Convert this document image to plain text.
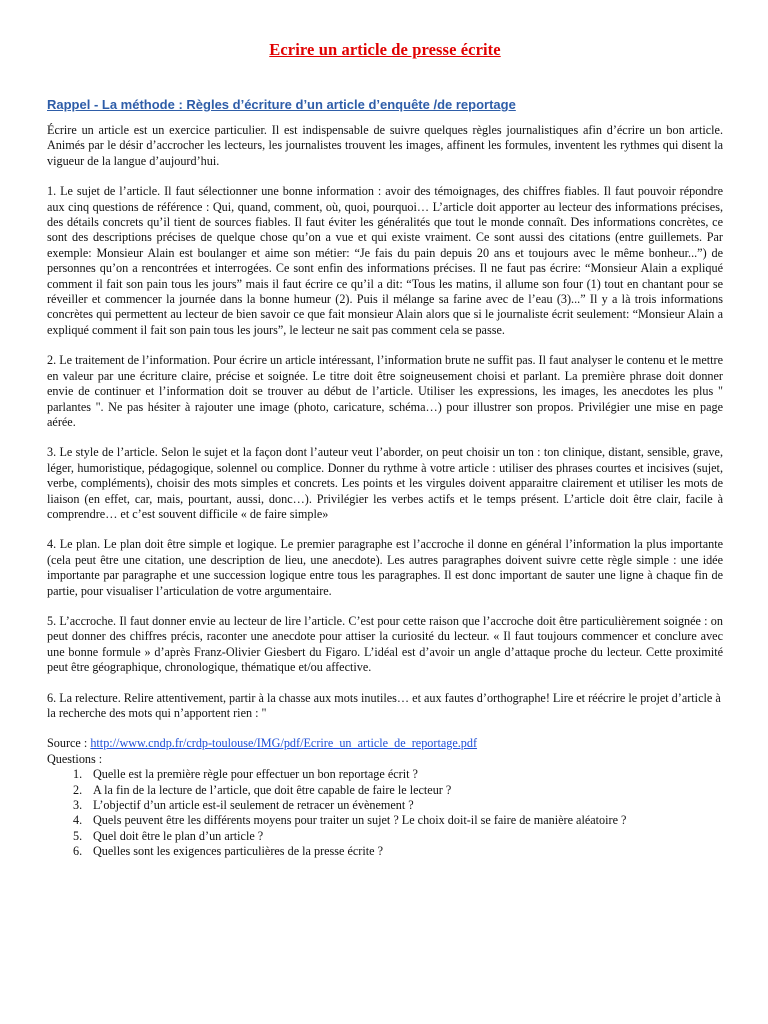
Ecrire un article de presse écrite
Rappel - La méthode : Règles d’écriture d’un article d’enquête /de reportage

Écrire un article est un exercice particulier. Il est indispensable de suivre quelques règles journalistiques afin d’écrire un bon article. Animés par le désir d’accrocher les lecteurs, les journalistes trouvent les images, affinent les formules, inventent les rythmes qui disent la vigueur de la langue d’aujourd’hui.

1. Le sujet de l’article. Il faut sélectionner une bonne information : avoir des témoignages, des chiffres fiables. Il faut pouvoir répondre aux cinq questions de référence : Qui, quand, comment, où, quoi, pourquoi… L’article doit apporter au lecteur des informations précises, des détails concrets qu’il tient de sources fiables. Il faut éviter les généralités que tout le monde connaît. Des informations concrètes, ce sont des descriptions précises de quelque chose qu’on a vue et qui existe vraiment. Ce sont aussi des citations (entre guillemets. Par exemple: Monsieur Alain est boulanger et aime son métier: “Je fais du pain depuis 20 ans et toujours avec le même bonheur...”) de personnes qu’on a rencontrées et interrogées. Ce sont enfin des informations précises. Il ne faut pas écrire: “Monsieur Alain a expliqué comment il fait son pain tous les jours” mais il faut écrire ce qu’il a dit: “Tous les matins, il allume son four (1) tout en chantant pour se réveiller et commencer la journée dans la bonne humeur (2). Puis il mélange sa farine avec de l’eau (3)...” Il y a là trois informations concrètes qui permettent au lecteur de bien savoir ce que fait monsieur Alain alors que si le journaliste écrit seulement: “Monsieur Alain a expliqué comment il fait son pain tous les jours”, le lecteur ne sait pas comment cela se passe.

2. Le traitement de l’information. Pour écrire un article intéressant, l’information brute ne suffit pas. Il faut analyser le contenu et le mettre en valeur par une écriture claire, précise et soignée. Le titre doit être soigneusement choisi et parlant. La première phrase doit donner envie de continuer et l’information doit se trouver au début de l’article. Utiliser les expressions, les images, les anecdotes les plus " parlantes ". Ne pas hésiter à rajouter une image (photo, caricature, schéma…) pour illustrer son propos. Privilégier une mise en page aérée.

3. Le style de l’article. Selon le sujet et la façon dont l’auteur veut l’aborder, on peut choisir un ton : ton clinique, distant, sensible, grave, léger, humoristique, pédagogique, solennel ou complice. Donner du rythme à votre article : utiliser des phrases courtes et incisives (sujet, verbe, compléments), choisir des mots simples et concrets. Les points et les virgules doivent apparaitre clairement et utiliser les mots de liaison (en effet, car, mais, pourtant, aussi, donc…). Privilégier les verbes actifs et le temps présent. L’article doit être clair, facile à comprendre… et c’est souvent difficile « de faire simple»

4. Le plan. Le plan doit être simple et logique. Le premier paragraphe est l’accroche il donne en général l’information la plus importante (cela peut être une citation, une description de lieu, une anecdote). Les autres paragraphes doivent suivre cette règle simple : une idée importante par paragraphe et une succession logique entre tous les paragraphes. Il est donc important de sauter une ligne à chaque fin de partie, pour visualiser l’articulation de votre argumentaire.

5. L’accroche. Il faut donner envie au lecteur de lire l’article. C’est pour cette raison que l’accroche doit être particulièrement soignée : on peut donner des chiffres précis, raconter une anecdote pour attiser la curiosité du lecteur. « Il faut toujours commencer et conclure avec une bonne formule » d’après Franz-Olivier Giesbert du Figaro. L’idéal est d’avoir un angle d’attaque proche du lecteur. Cette proximité peut être géographique, chronologique, thématique et/ou affective.

6. La relecture. Relire attentivement, partir à la chasse aux mots inutiles… et aux fautes d’orthographe! Lire et réécrire le projet d’article à la recherche des mots qui n’apportent rien : "

Source : http://www.cndp.fr/crdp-toulouse/IMG/pdf/Ecrire_un_article_de_reportage.pdf

Questions :

1. Quelle est la première règle pour effectuer un bon reportage écrit ?
2. A la fin de la lecture de l’article, que doit être capable de faire le lecteur ?
3. L’objectif d’un article est-il seulement de retracer un évènement ?
4. Quels peuvent être les différents moyens pour traiter un sujet ? Le choix doit-il se faire de manière aléatoire ?
5. Quel doit être le plan d’un article ?
6. Quelles sont les exigences particulières de la presse écrite ?
